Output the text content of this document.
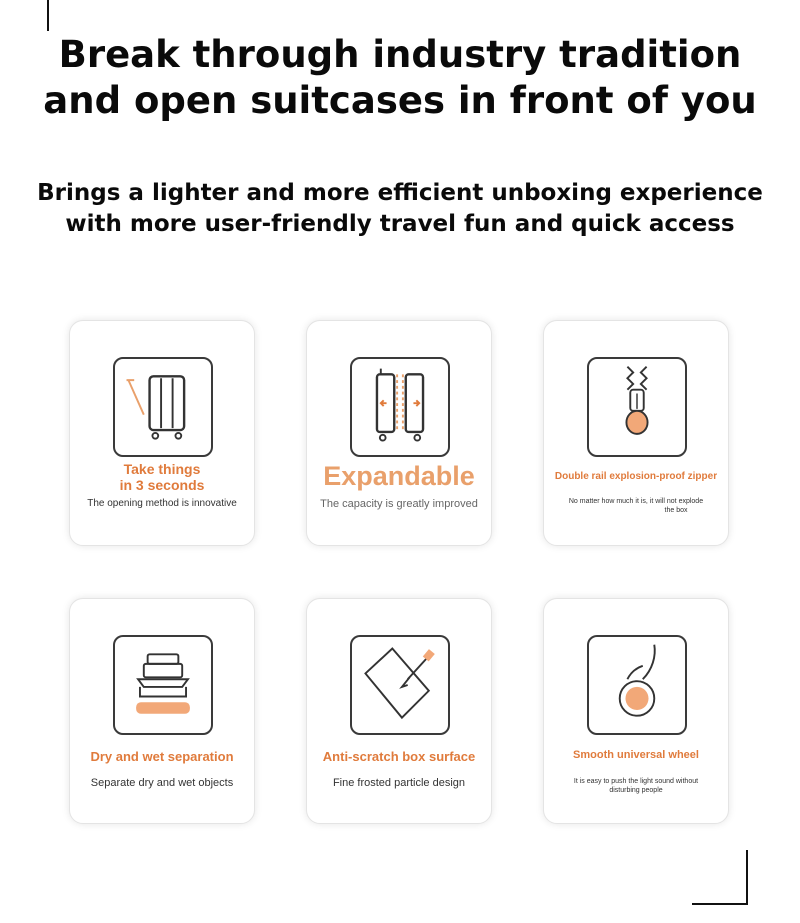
Break through industry tradition
and open suitcases in front of you
Brings a lighter and more efficient unboxing experience
with more user-friendly travel fun and quick access
Take things
in 3 seconds
The opening method is innovative
Expandable
The capacity is greatly improved
Double rail explosion-proof zipper
No matter how much it is, it will not explode
the box
Dry and wet separation
Separate dry and wet objects
Anti-scratch box surface
Fine frosted particle design
Smooth universal wheel
It is easy to push the light sound without
disturbing people
